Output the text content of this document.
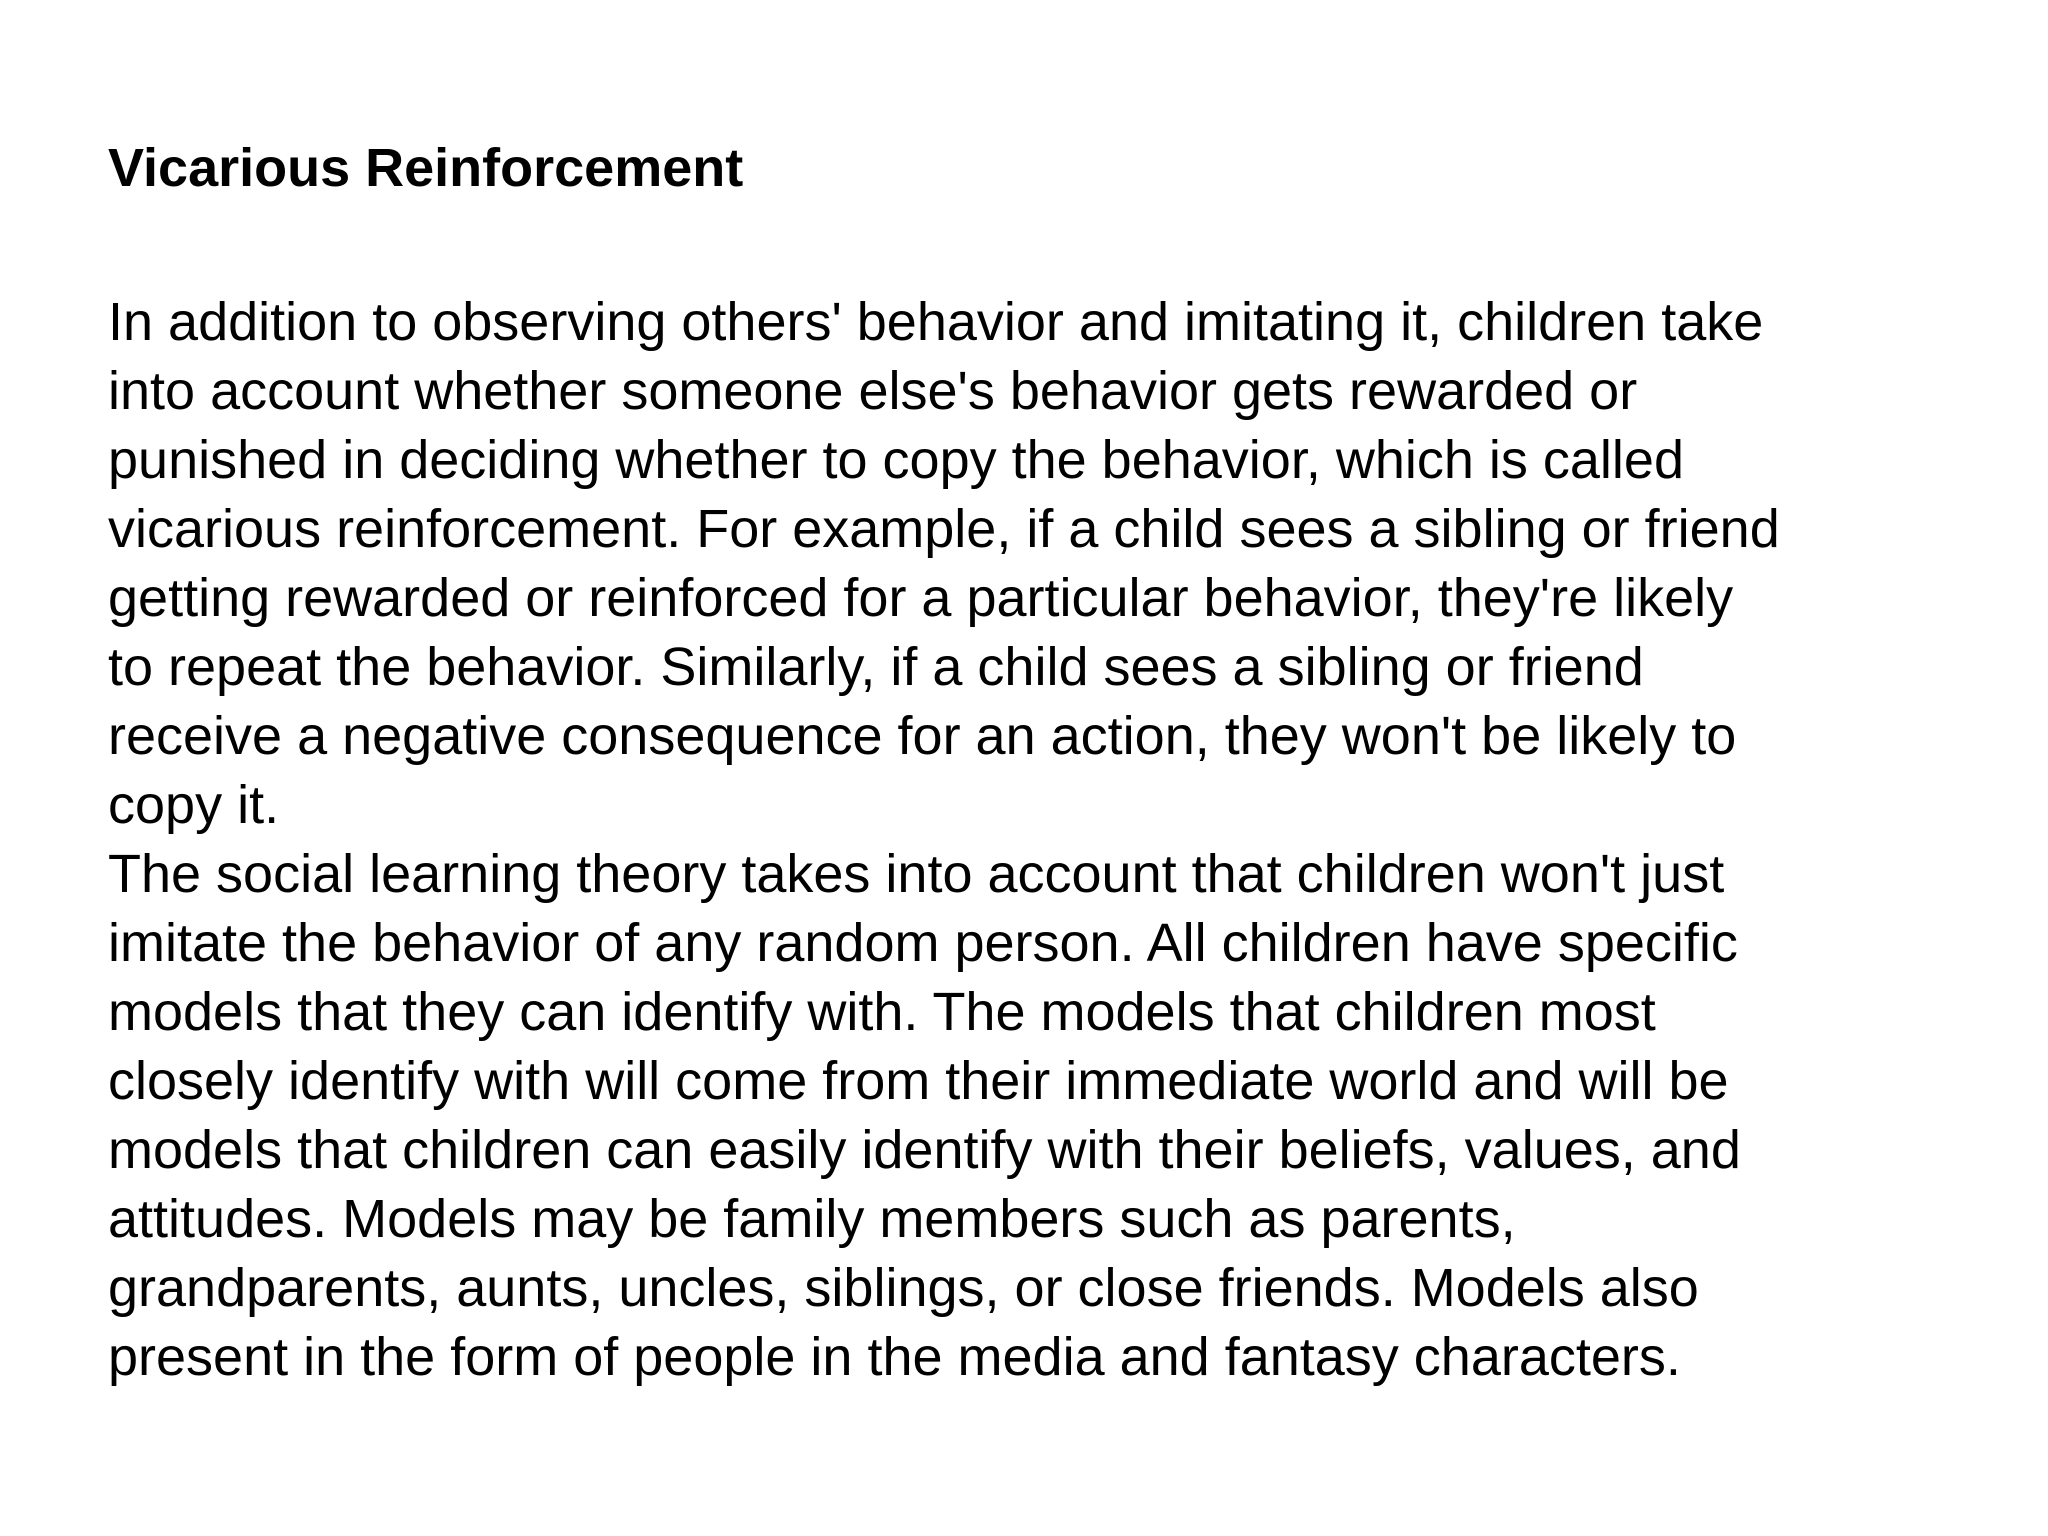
Vicarious Reinforcement
In addition to observing others' behavior and imitating it, children take
into account whether someone else's behavior gets rewarded or
punished in deciding whether to copy the behavior, which is called
vicarious reinforcement. For example, if a child sees a sibling or friend
getting rewarded or reinforced for a particular behavior, they're likely
to repeat the behavior. Similarly, if a child sees a sibling or friend
receive a negative consequence for an action, they won't be likely to
copy it.
The social learning theory takes into account that children won't just
imitate the behavior of any random person. All children have specific
models that they can identify with. The models that children most
closely identify with will come from their immediate world and will be
models that children can easily identify with their beliefs, values, and
attitudes. Models may be family members such as parents,
grandparents, aunts, uncles, siblings, or close friends. Models also
present in the form of people in the media and fantasy characters.
